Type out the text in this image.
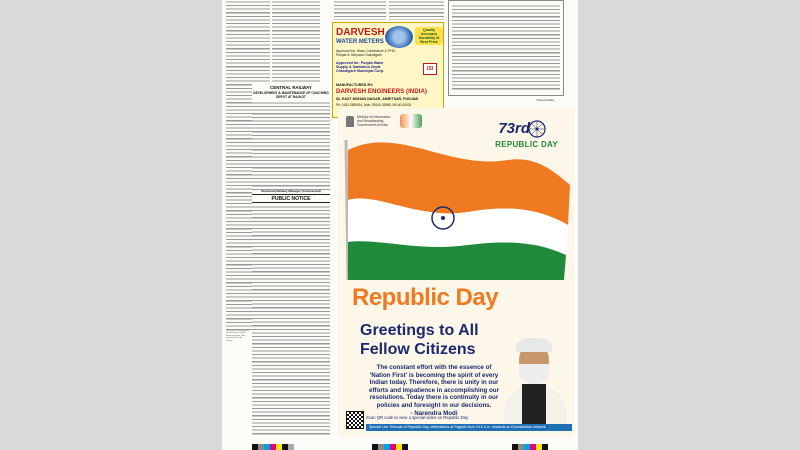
CENTRAL RAILWAY
DEVELOPMENT & MAINTENANCE OF COACHING DEPOT AT RAJKOT
Divisional Railway Manager (Commercial)
PUBLIC NOTICE
DARVESH
WATER METERS
Quality Accuracy Durability at Best Price
Approved by: Wasc Coimbatore & PHD, Punjab & Haryana Chandigarh
Approved for: Punjab Water Supply & Sanitation Deptt. Chandigarh Municipal Corp.	ISI
MANUFACTURED BY:
DARVESH ENGINEERS (INDIA)
66, EAST MOHAN NAGAR, AMRITSAR, PUNJAB
Ph: 0183-2585916, Mob: 98140-33985, 98140-00024
Vikas Patrika
Ministry of Information and Broadcasting Government of India	73rd
REPUBLIC DAY
Republic Day
Greetings to All
Fellow Citizens
The constant effort with the essence of
'Nation First' is becoming the spirit of every
Indian today. Therefore, there is unity in our
efforts and impatience in accomplishing our
resolutions. Today there is continuity in our
policies and foresight in our decisions.
- Narendra Modi
Scan QR code to view a special video on Republic Day
Special Live Telecast of Republic Day celebrations at Rajpath from 9:15 a.m. onwards on Doordarshan network
Sunil Kadu's working policy and many other works in favour of reforms. Their sanction letter in the civilian...
